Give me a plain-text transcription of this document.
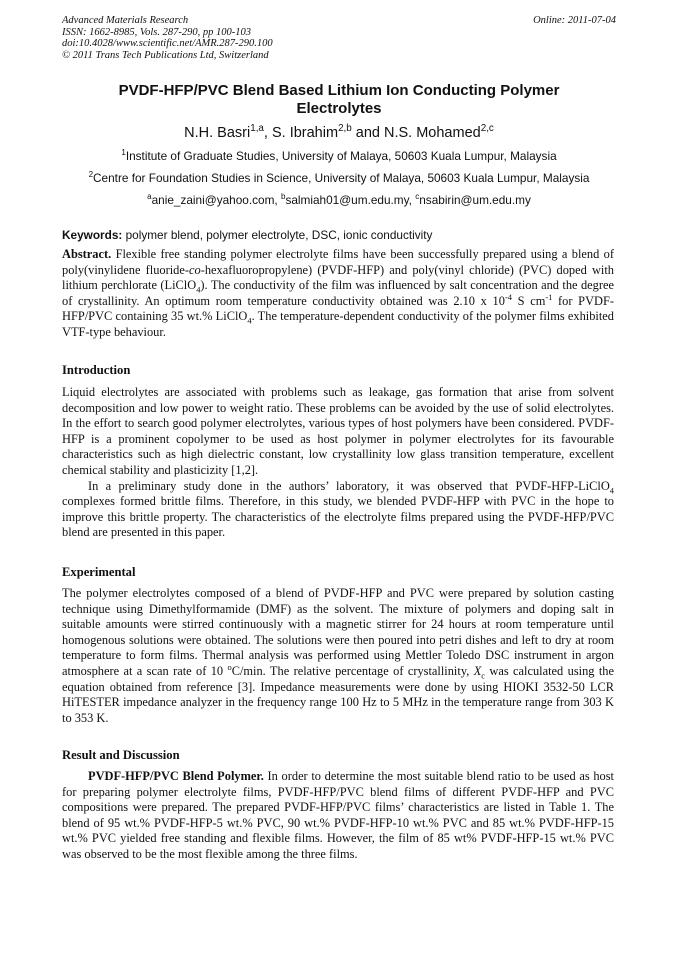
Advanced Materials Research
ISSN: 1662-8985, Vols. 287-290, pp 100-103
doi:10.4028/www.scientific.net/AMR.287-290.100
© 2011 Trans Tech Publications Ltd, Switzerland
Online: 2011-07-04
PVDF-HFP/PVC Blend Based Lithium Ion Conducting Polymer
Electrolytes
N.H. Basri$^{1,a}$, S. Ibrahim$^{2,b}$ and N.S. Mohamed$^{2,c}$
$^1$Institute of Graduate Studies, University of Malaya, 50603 Kuala Lumpur, Malaysia
$^2$Centre for Foundation Studies in Science, University of Malaya, 50603 Kuala Lumpur, Malaysia
$^a$anie_zaini@yahoo.com, $^b$salmiah01@um.edu.my, $^c$nsabirin@um.edu.my
Keywords: polymer blend, polymer electrolyte, DSC, ionic conductivity

Abstract. Flexible free standing polymer electrolyte films have been successfully prepared using a blend of poly(vinylidene fluoride-co-hexafluoropropylene) (PVDF-HFP) and poly(vinyl chloride) (PVC) doped with lithium perchlorate (LiClO$_4$). The conductivity of the film was influenced by salt concentration and the degree of crystallinity. An optimum room temperature conductivity obtained was 2.10 x $10^{-4}$ S $cm^{-1}$ for PVDF-HFP/PVC containing 35 wt.% LiClO$_4$. The temperature-dependent conductivity of the polymer films exhibited VTF-type behaviour.

Introduction

Liquid electrolytes are associated with problems such as leakage, gas formation that arise from solvent decomposition and low power to weight ratio. These problems can be avoided by the use of solid electrolytes. In the effort to search good polymer electrolytes, various types of host polymers have been considered. PVDF-HFP is a prominent copolymer to be used as host polymer in polymer electrolytes for its favourable characteristics such as high dielectric constant, low crystallinity low glass transition temperature, excellent chemical stability and plasticizity [1,2].

In a preliminary study done in the authors’ laboratory, it was observed that PVDF-HFP-LiClO$_4$ complexes formed brittle films. Therefore, in this study, we blended PVDF-HFP with PVC in the hope to improve this brittle property. The characteristics of the electrolyte films prepared using the PVDF-HFP/PVC blend are presented in this paper.

Experimental

The polymer electrolytes composed of a blend of PVDF-HFP and PVC were prepared by solution casting technique using Dimethylformamide (DMF) as the solvent. The mixture of polymers and doping salt in suitable amounts were stirred continuously with a magnetic stirrer for 24 hours at room temperature until homogenous solutions were obtained. The solutions were then poured into petri dishes and left to dry at room temperature to form films. Thermal analysis was performed using Mettler Toledo DSC instrument in argon atmosphere at a scan rate of 10 $^o$C/min. The relative percentage of crystallinity, $X_c$ was calculated using the equation obtained from reference [3]. Impedance measurements were done by using HIOKI 3532-50 LCR HiTESTER impedance analyzer in the frequency range 100 Hz to 5 MHz in the temperature range from 303 K to 353 K.

Result and Discussion

PVDF-HFP/PVC Blend Polymer. In order to determine the most suitable blend ratio to be used as host for preparing polymer electrolyte films, PVDF-HFP/PVC blend films of different PVDF-HFP and PVC compositions were prepared. The prepared PVDF-HFP/PVC films’ characteristics are listed in Table 1. The blend of 95 wt.% PVDF-HFP-5 wt.% PVC, 90 wt.% PVDF-HFP-10 wt.% PVC and 85 wt.% PVDF-HFP-15 wt.% PVC yielded free standing and flexible films. However, the film of 85 wt% PVDF-HFP-15 wt.% PVC was observed to be the most flexible among the three films.
